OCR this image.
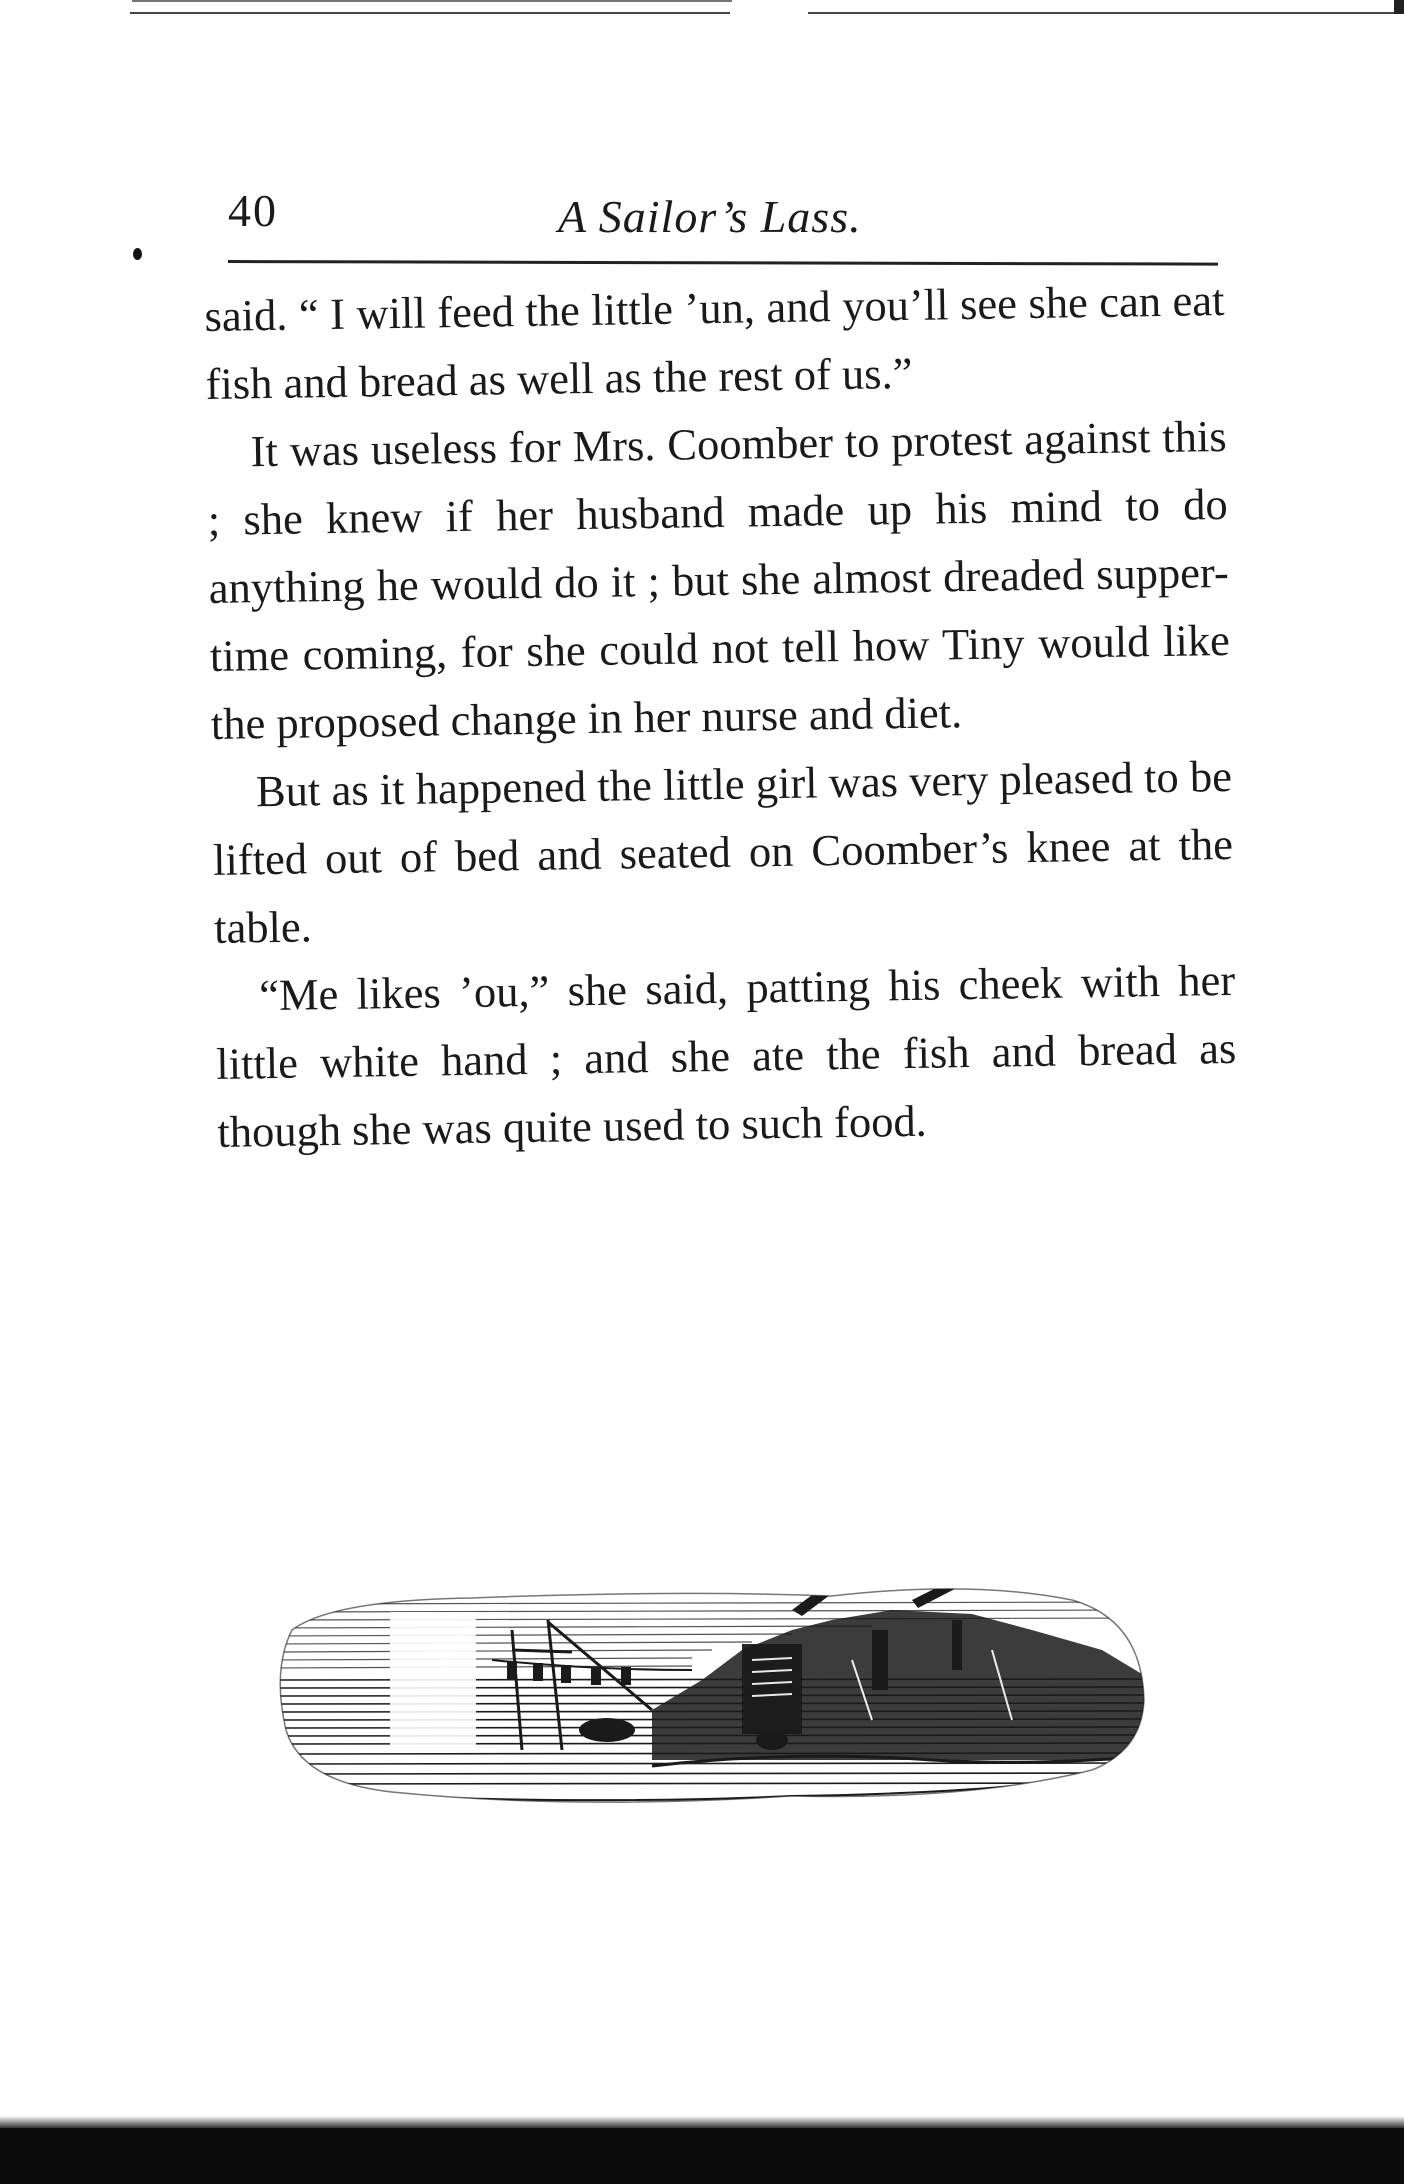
40	A Sailor’s Lass.

said. “ I will feed the little ’un, and you’ll see she can eat fish and bread as well as the rest of us.”

It was useless for Mrs. Coomber to protest against this ; she knew if her husband made up his mind to do anything he would do it ; but she almost dreaded supper-time coming, for she could not tell how Tiny would like the proposed change in her nurse and diet.

But as it happened the little girl was very pleased to be lifted out of bed and seated on Coomber’s knee at the table.

“Me likes ’ou,” she said, patting his cheek with her little white hand ; and she ate the fish and bread as though she was quite used to such food.
